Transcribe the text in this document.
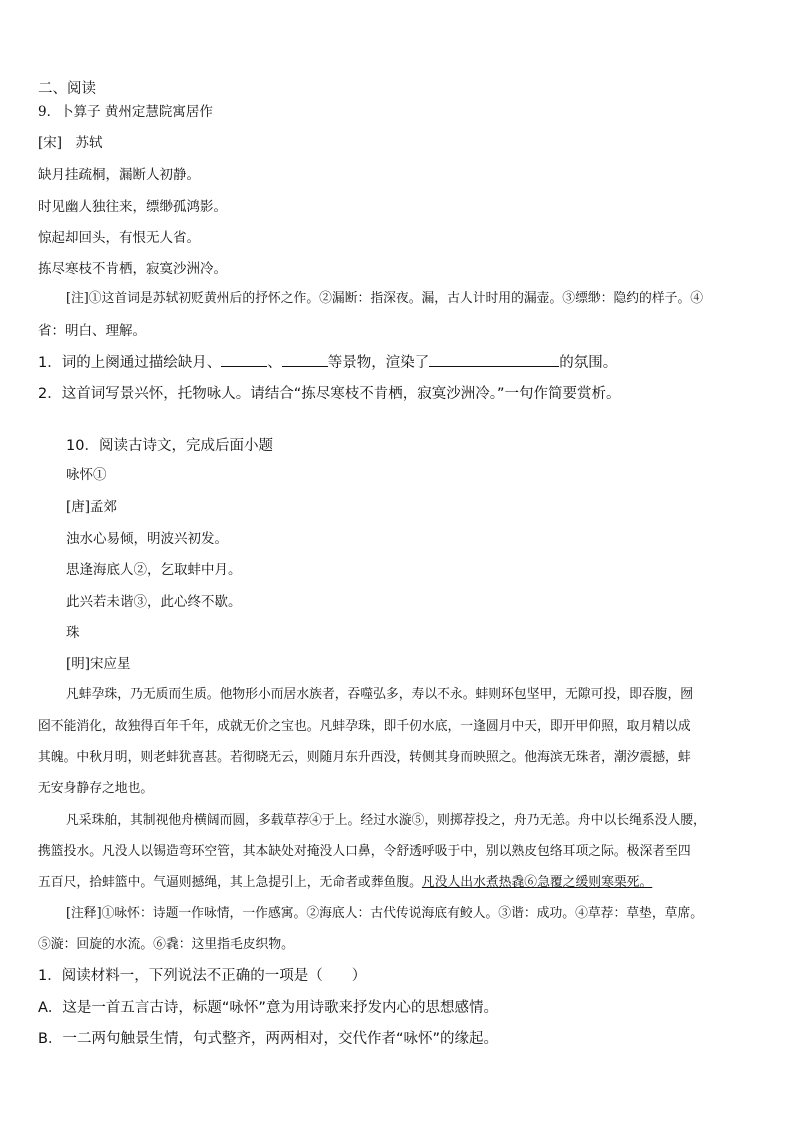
二、阅读
9．卜算子 黄州定慧院寓居作
[宋]　苏轼
缺月挂疏桐，漏断人初静。
时见幽人独往来，缥缈孤鸿影。
惊起却回头，有恨无人省。
拣尽寒枝不肯栖，寂寞沙洲冷。
[注]①这首词是苏轼初贬黄州后的抒怀之作。②漏断：指深夜。漏，古人计时用的漏壶。③缥缈：隐约的样子。④
省：明白、理解。
1．词的上阕通过描绘缺月、	、	等景物，渲染了	的氛围。
2．这首词写景兴怀，托物咏人。请结合“拣尽寒枝不肯栖，寂寞沙洲冷。”一句作简要赏析。
10．阅读古诗文，完成后面小题
咏怀①
[唐]孟郊
浊水心易倾，明波兴初发。
思逢海底人②，乞取蚌中月。
此兴若未谐③，此心终不歇。
珠
[明]宋应星
凡蚌孕珠，乃无质而生质。他物形小而居水族者，吞噬弘多，寿以不永。蚌则环包坚甲，无隙可投，即吞腹，囫
囵不能消化，故独得百年千年，成就无价之宝也。凡蚌孕珠，即千仞水底，一逢圆月中天，即开甲仰照，取月精以成
其魄。中秋月明，则老蚌犹喜甚。若彻晓无云，则随月东升西没，转侧其身而映照之。他海滨无珠者，潮汐震撼，蚌
无安身静存之地也。
凡采珠舶，其制视他舟横阔而圆，多载草荐④于上。经过水漩⑤，则掷荐投之，舟乃无恙。舟中以长绳系没人腰，
携篮投水。凡没人以锡造弯环空管，其本缺处对掩没人口鼻，令舒透呼吸于中，别以熟皮包络耳项之际。极深者至四
五百尺，拾蚌篮中。气逼则撼绳，其上急提引上，无命者或葬鱼腹。凡没人出水煮热毳⑥急覆之缓则寒栗死。
[注释]①咏怀：诗题一作咏情，一作感寓。②海底人：古代传说海底有鲛人。③谐：成功。④草荐：草垫，草席。
⑤漩：回旋的水流。⑥毳：这里指毛皮织物。
1．阅读材料一，下列说法不正确的一项是（　　）
A．这是一首五言古诗，标题“咏怀”意为用诗歌来抒发内心的思想感情。
B．一二两句触景生情，句式整齐，两两相对，交代作者“咏怀”的缘起。
